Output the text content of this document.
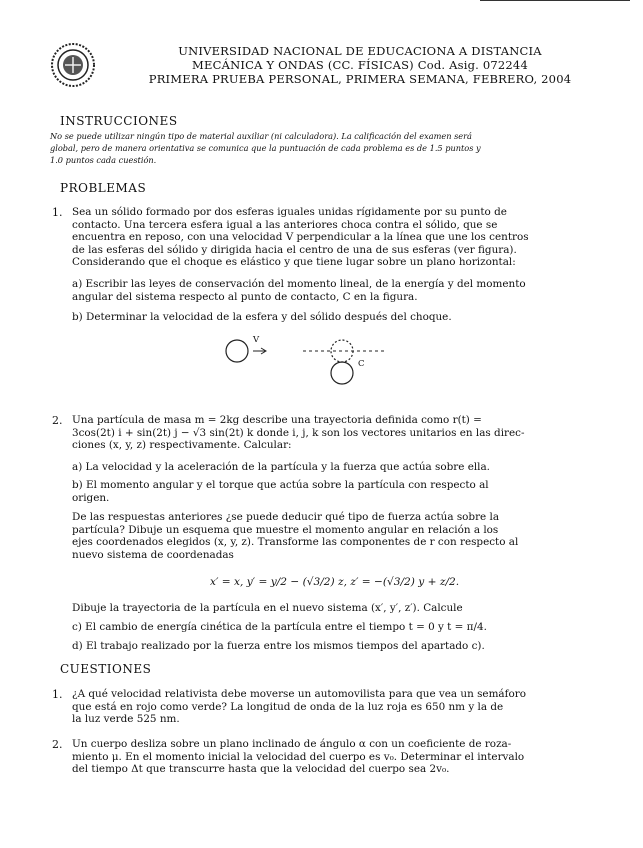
UNIVERSIDAD NACIONAL DE EDUCACIONA A DISTANCIA
MECÁNICA Y ONDAS (CC. FÍSICAS) Cod. Asig. 072244
PRIMERA PRUEBA PERSONAL, PRIMERA SEMANA, FEBRERO, 2004
INSTRUCCIONES
No se puede utilizar ningún tipo de material auxiliar (ni calculadora). La calificación del examen será
global, pero de manera orientativa se comunica que la puntuación de cada problema es de 1.5 puntos y
1.0 puntos cada cuestión.
PROBLEMAS
1. Sea un sólido formado por dos esferas iguales unidas rígidamente por su punto de
contacto. Una tercera esfera igual a las anteriores choca contra el sólido, que se
encuentra en reposo, con una velocidad V perpendicular a la línea que une los centros
de las esferas del sólido y dirigida hacia el centro de una de sus esferas (ver figura).
Considerando que el choque es elástico y que tiene lugar sobre un plano horizontal:
a) Escribir las leyes de conservación del momento lineal, de la energía y del momento
angular del sistema respecto al punto de contacto, C en la figura.
b) Determinar la velocidad de la esfera y del sólido después del choque.
V
C
2. Una partícula de masa m = 2kg describe una trayectoria definida como r(t) =
3cos(2t) i + sin(2t) j − √3 sin(2t) k donde i, j, k son los vectores unitarios en las direc-
ciones (x, y, z) respectivamente. Calcular:
a) La velocidad y la aceleración de la partícula y la fuerza que actúa sobre ella.
b) El momento angular y el torque que actúa sobre la partícula con respecto al
origen.
De las respuestas anteriores ¿se puede deducir qué tipo de fuerza actúa sobre la
partícula? Dibuje un esquema que muestre el momento angular en relación a los
ejes coordenados elegidos (x, y, z). Transforme las componentes de r con respecto al
nuevo sistema de coordenadas
x′ = x, y′ = y/2 − (√3/2) z, z′ = −(√3/2) y + z/2.
Dibuje la trayectoria de la partícula en el nuevo sistema (x′, y′, z′). Calcule
c) El cambio de energía cinética de la partícula entre el tiempo t = 0 y t = π/4.
d) El trabajo realizado por la fuerza entre los mismos tiempos del apartado c).
CUESTIONES
1. ¿A qué velocidad relativista debe moverse un automovilista para que vea un semáforo
que está en rojo como verde? La longitud de onda de la luz roja es 650 nm y la de
la luz verde 525 nm.
2. Un cuerpo desliza sobre un plano inclinado de ángulo α con un coeficiente de roza-
miento μ. En el momento inicial la velocidad del cuerpo es v₀. Determinar el intervalo
del tiempo Δt que transcurre hasta que la velocidad del cuerpo sea 2v₀.
